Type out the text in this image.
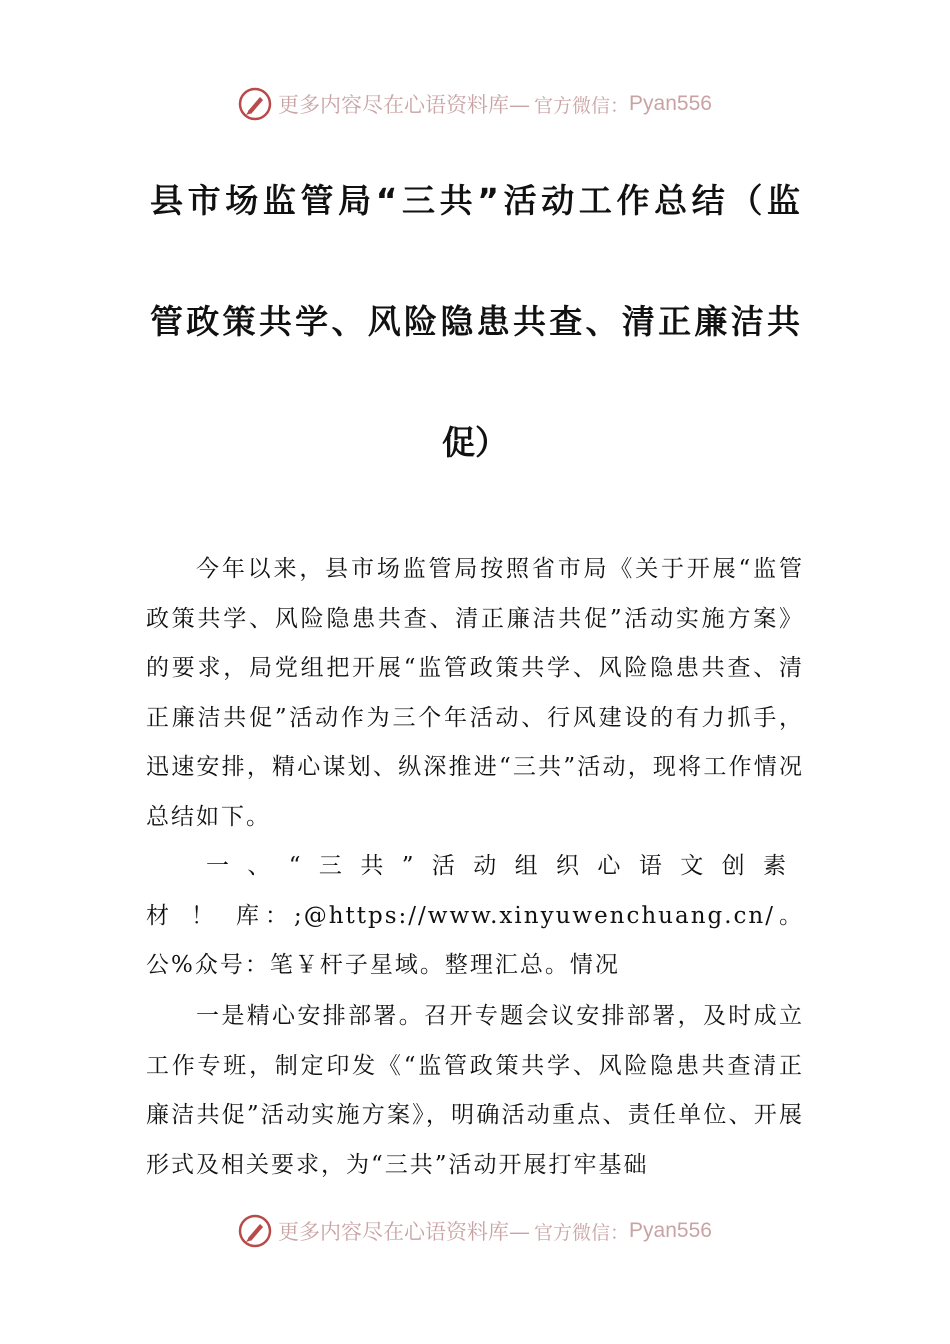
更多内容尽在心语资料库— 官方微信： Pyan556
县市场监管局“三共”活动工作总结（监
管政策共学、风险隐患共查、清正廉洁共
促）
今年以来，县市场监管局按照省市局《关于开展“监管政策共学、风险隐患共查、清正廉洁共促”活动实施方案》的要求，局党组把开展“监管政策共学、风险隐患共查、清正廉洁共促”活动作为三个年活动、行风建设的有力抓手，迅速安排，精心谋划、纵深推进“三共”活动，现将工作情况总结如下。
一、“三共”活动组织心语文创素材！库：;@https://www.xinyuwenchuang.cn/。公%众号：笔￥杆子星域。整理汇总。情况
一是精心安排部署。召开专题会议安排部署，及时成立工作专班，制定印发《“监管政策共学、风险隐患共查清正廉洁共促”活动实施方案》，明确活动重点、责任单位、开展形式及相关要求，为“三共”活动开展打牢基础
更多内容尽在心语资料库— 官方微信： Pyan556
